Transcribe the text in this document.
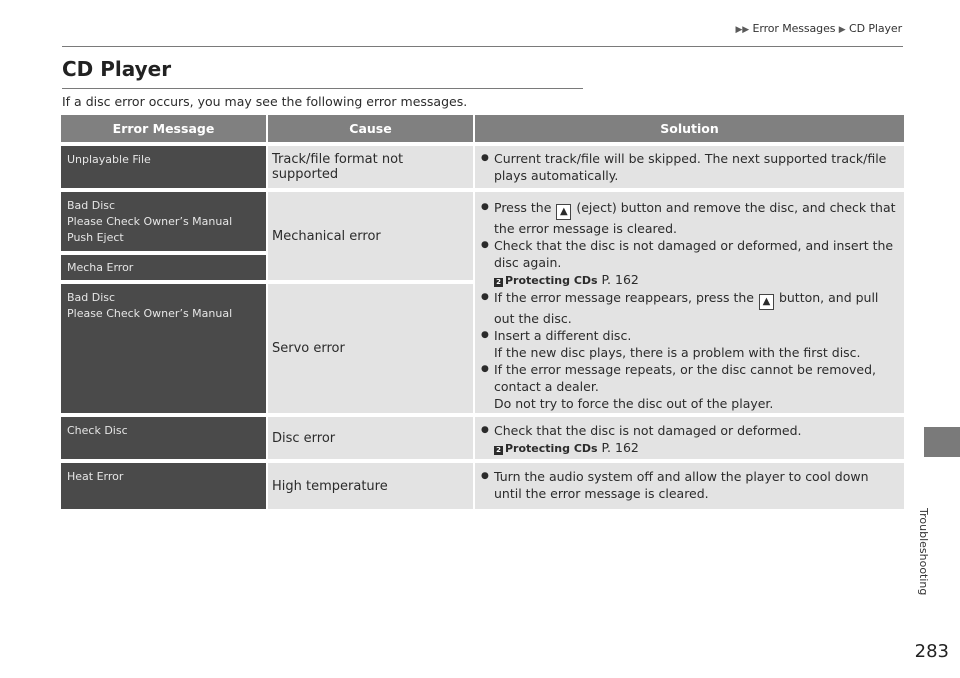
▶▶ Error Messages ▶ CD Player
CD Player

If a disc error occurs, you may see the following error messages.

Error Message	Cause	Solution
Unplayable File	Track/file format not supported
● Current track/file will be skipped. The next supported track/file plays automatically.
Bad Disc
Please Check Owner’s Manual
Push Eject
Mecha Error
Mechanical error
Bad Disc
Please Check Owner’s Manual
Servo error
● Press the ▲ (eject) button and remove the disc, and check that the error message is cleared.
● Check that the disc is not damaged or deformed, and insert the disc again.
2 Protecting CDs P. 162
● If the error message reappears, press the ▲ button, and pull out the disc.
● Insert a different disc.
If the new disc plays, there is a problem with the first disc.
● If the error message repeats, or the disc cannot be removed, contact a dealer.
Do not try to force the disc out of the player.
Check Disc	Disc error
●	Check that the disc is not damaged or deformed.
2 Protecting CDs P. 162
Heat Error
High temperature
● Turn the audio system off and allow the player to cool down until the error message is cleared.
Troubleshooting
283
